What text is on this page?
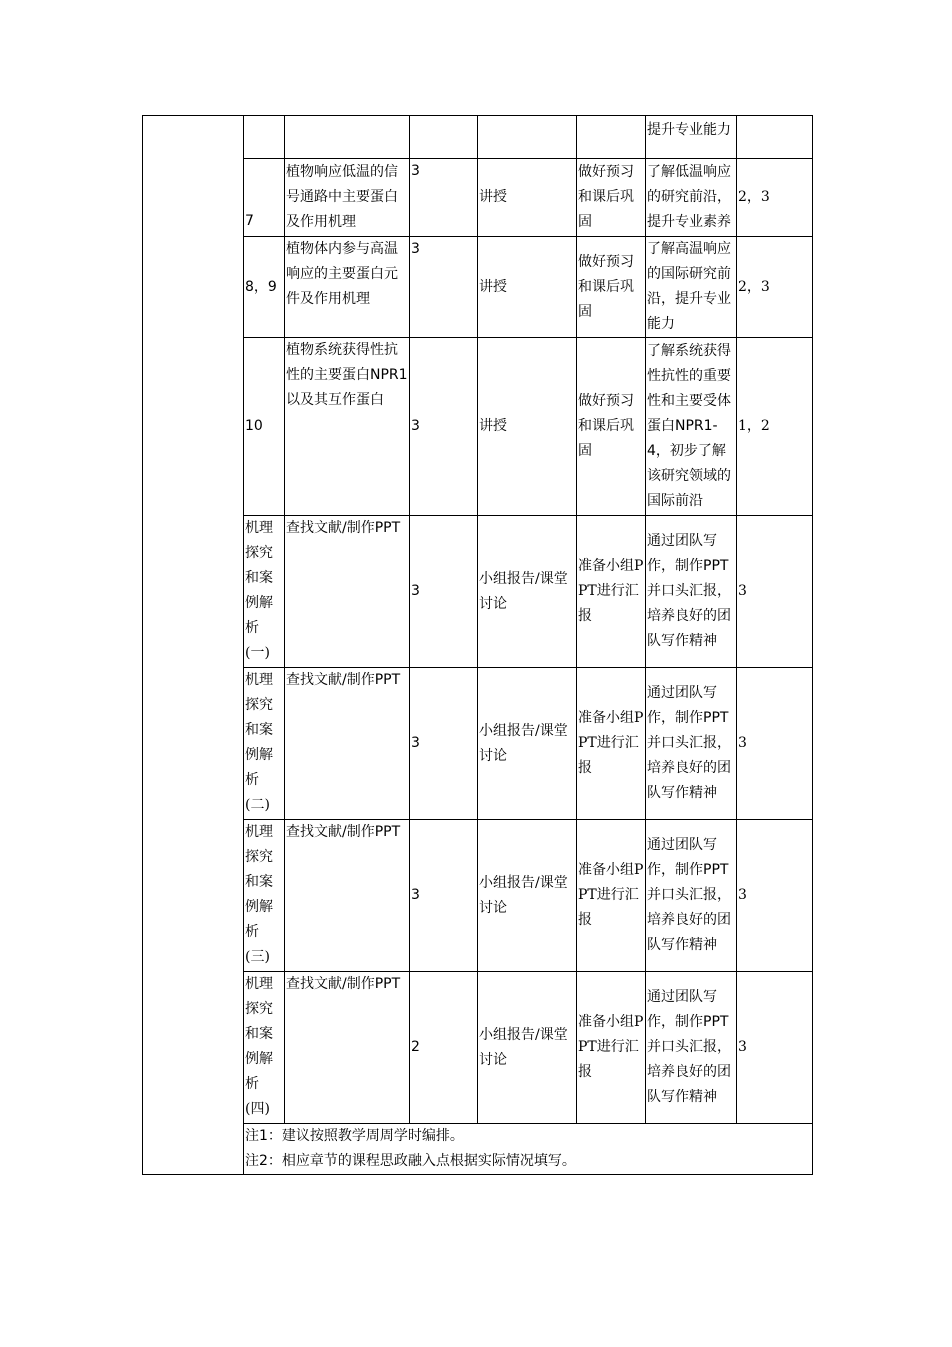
						提升专业能力	
	7	植物响应低温的信号通路中主要蛋白及作用机理	3	讲授	做好预习和课后巩固	了解低温响应的研究前沿，提升专业素养	2，3
	8，9	植物体内参与高温响应的主要蛋白元件及作用机理	3	讲授	做好预习和课后巩固	了解高温响应的国际研究前沿，提升专业能力	2，3
	10	植物系统获得性抗性的主要蛋白NPR1以及其互作蛋白	3	讲授	做好预习和课后巩固	了解系统获得性抗性的重要性和主要受体蛋白NPR1-4，初步了解该研究领域的国际前沿	1，2
	机理探究和案例解析(一)	查找文献/制作PPT	3	小组报告/课堂讨论	准备小组PPT进行汇报	通过团队写作，制作PPT并口头汇报，培养良好的团队写作精神	3
	机理探究和案例解析(二)	查找文献/制作PPT	3	小组报告/课堂讨论	准备小组PPT进行汇报	通过团队写作，制作PPT并口头汇报，培养良好的团队写作精神	3
	机理探究和案例解析(三)	查找文献/制作PPT	3	小组报告/课堂讨论	准备小组PPT进行汇报	通过团队写作，制作PPT并口头汇报，培养良好的团队写作精神	3
	机理探究和案例解析(四)	查找文献/制作PPT	2	小组报告/课堂讨论	准备小组PPT进行汇报	通过团队写作，制作PPT并口头汇报，培养良好的团队写作精神	3

	注1：建议按照教学周周学时编排。
注2：相应章节的课程思政融入点根据实际情况填写。						
